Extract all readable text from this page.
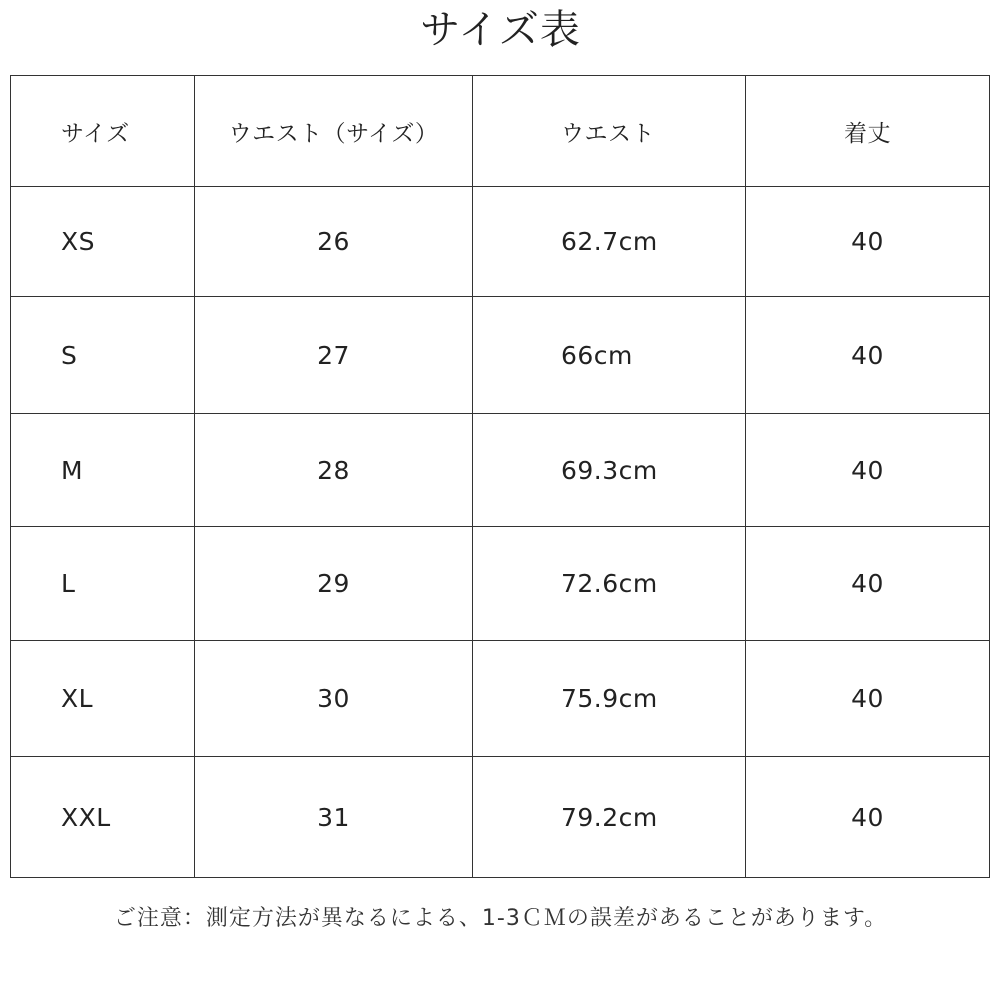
サイズ表
サイズ	ウエスト（サイズ）	ウエスト	着丈
XS	26	62.7cm	40
S	27	66cm	40
M	28	69.3cm	40
L	29	72.6cm	40
XL	30	75.9cm	40
XXL	31	79.2cm	40
ご注意：測定方法が異なるによる、1-3ＣＭの誤差があることがあります。
